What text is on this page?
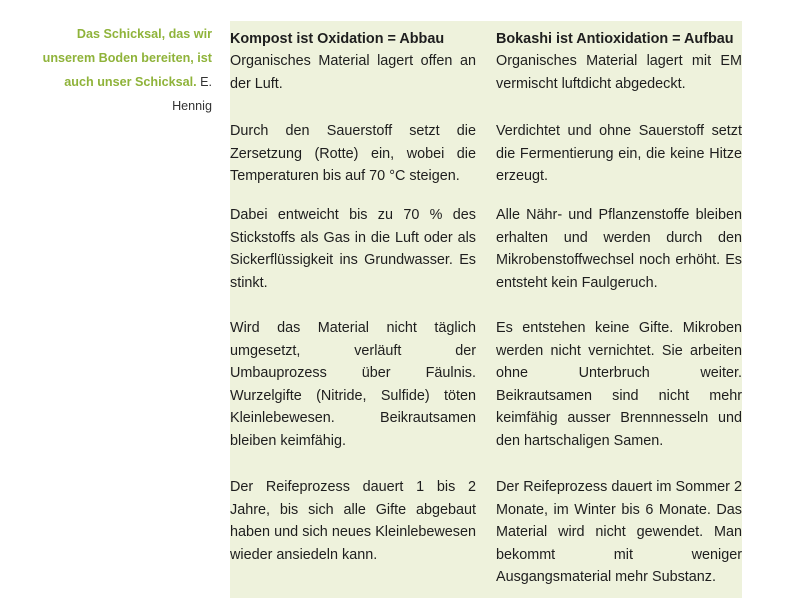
Das Schicksal, das wir unserem Boden bereiten, ist auch unser Schicksal. E. Hennig
Kompost ist Oxidation = Abbau

Organisches Material lagert offen an der Luft.

Durch den Sauerstoff setzt die Zersetzung (Rotte) ein, wobei die Temperaturen bis auf 70 °C steigen.

Dabei entweicht bis zu 70 % des Stickstoffs als Gas in die Luft oder als Sickerflüssigkeit ins Grundwasser. Es stinkt.

Wird das Material nicht täglich umgesetzt, verläuft der Umbauprozess über Fäulnis. Wurzelgifte (Nitride, Sulfide) töten Kleinlebewesen. Beikrautsamen bleiben keimfähig.

Der Reifeprozess dauert 1 bis 2 Jahre, bis sich alle Gifte abgebaut haben und sich neues Kleinlebewesen wieder ansiedeln kann.

Bokashi ist Antioxidation = Aufbau

Organisches Material lagert mit EM vermischt luftdicht abgedeckt.

Verdichtet und ohne Sauerstoff setzt die Fermentierung ein, die keine Hitze erzeugt.

Alle Nähr- und Pflanzenstoffe bleiben erhalten und werden durch den Mikrobenstoffwechsel noch erhöht. Es entsteht kein Faulgeruch.

Es entstehen keine Gifte. Mikroben werden nicht vernichtet. Sie arbeiten ohne Unterbruch weiter. Beikrautsamen sind nicht mehr keimfähig ausser Brennnesseln und den hartschaligen Samen.

Der Reifeprozess dauert im Sommer 2 Monate, im Winter bis 6 Monate. Das Material wird nicht gewendet. Man bekommt mit weniger Ausgangsmaterial mehr Substanz.
